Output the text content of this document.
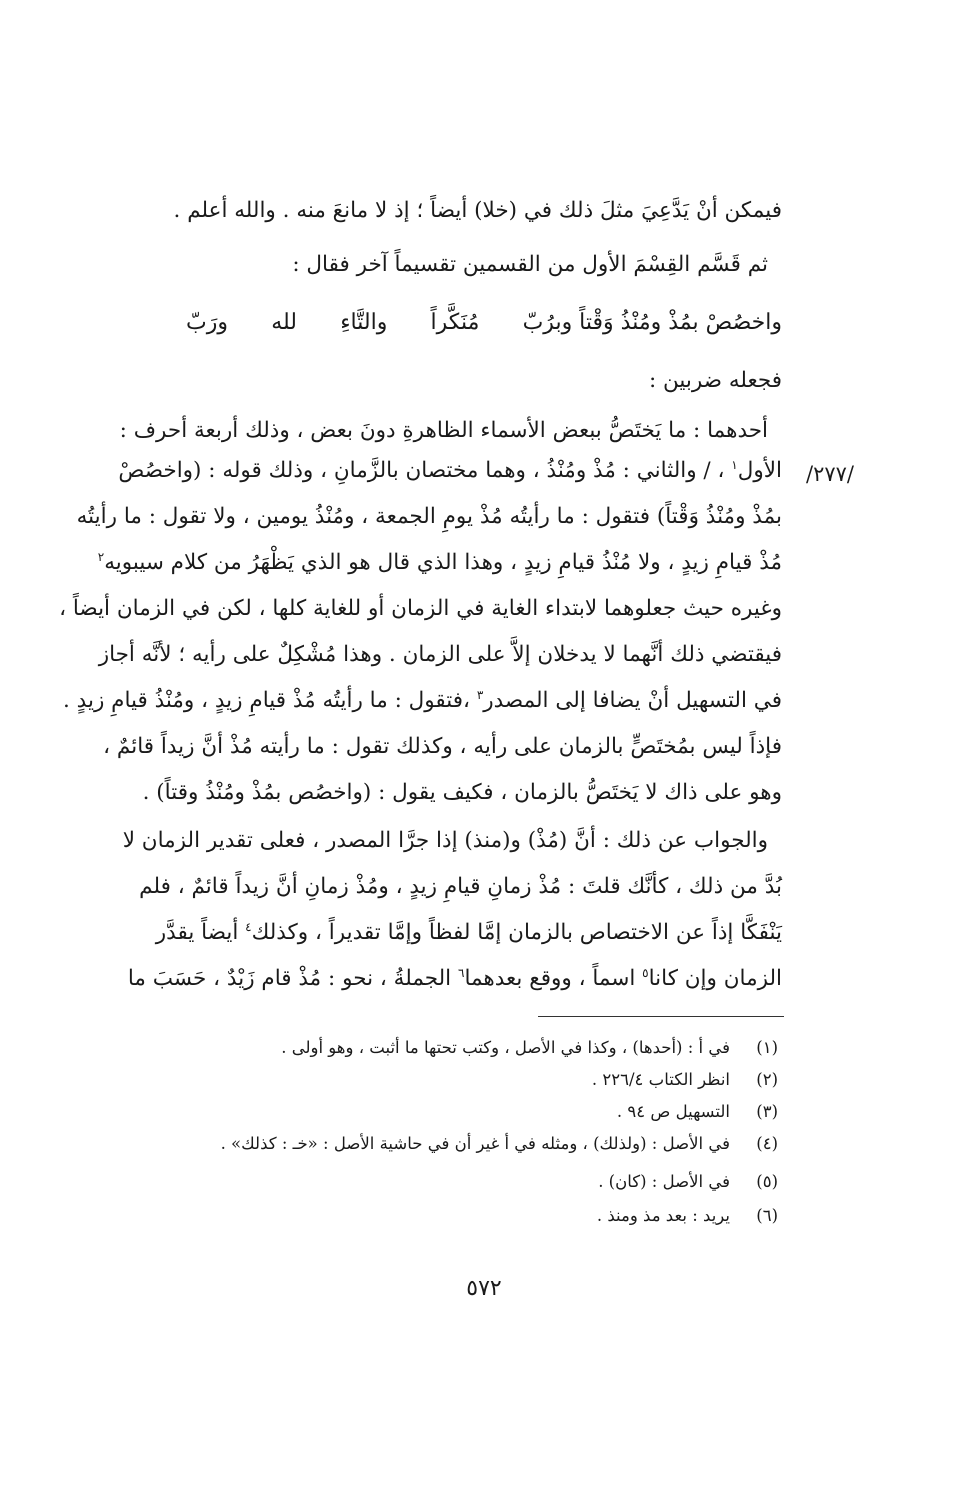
فيمكن أنْ يَدَّعِيَ مثلَ ذلك في (خلا) أيضاً ؛ إذ لا مانعَ منه . والله أعلم .
ثم قَسَّم القِسْمَ الأول من القسمين تقسيماً آخر فقال :
واخصُصْ بمُذْ ومُنْذُ وَقْتاً وبرُبّ
مُنَكَّراً
والتَّاءِ
لله
ورَبّ
فجعله ضربين :
أحدهما : ما يَختَصُّ ببعض الأسماء الظاهرةِ دونَ بعض ، وذلك أربعة أحرف :
الأول$^١$ ، / والثاني : مُذْ ومُنْذُ ، وهما مختصان بالزَّمانِ ، وذلك قوله : (واخصُصْ	/٢٧٧/
بمُذْ ومُنْذُ وَقْتاً) فتقول : ما رأيتُه مُذْ يومِ الجمعة ، ومُنْذُ يومين ، ولا تقول : ما رأيتُه
مُذْ قيامِ زيدٍ ، ولا مُنْذُ قيامِ زيدٍ ، وهذا الذي قال هو الذي يَظْهَرُ من كلام سيبويه$^٢$
وغيره حيث جعلوهما لابتداء الغاية في الزمان أو للغاية كلها ، لكن في الزمان أيضاً ،
فيقتضي ذلك أنَّهما لا يدخلان إلاَّ على الزمان . وهذا مُشْكِلٌ على رأيه ؛ لأنَّه أجاز
في التسهيل أنْ يضافا إلى المصدر$^٣$ ،فتقول : ما رأيتُه مُذْ قيامِ زيدٍ ، ومُنْذُ قيامِ زيدٍ .
فإذاً ليس بمُختَصٍّ بالزمان على رأيه ، وكذلك تقول : ما رأيته مُذْ أنَّ زيداً قائمٌ ،
وهو على ذاك لا يَختَصُّ بالزمان ، فكيف يقول : (واخصُص بمُذْ ومُنْذُ وقتاً) .
والجواب عن ذلك : أنَّ (مُذْ) و(منذ) إذا جرَّا المصدر ، فعلى تقدير الزمان لا
بُدَّ من ذلك ، كأنَّك قلتَ : مُذْ زمانِ قيامِ زيدٍ ، ومُذْ زمانِ أنَّ زيداً قائمٌ ، فلم
يَنْفَكَّا إذاً عن الاختصاص بالزمان إمَّا لفظاً وإمَّا تقديراً ، وكذلك$^٤$ أيضاً يقدَّر
الزمان وإن كانا$^٥$ اسماً ، ووقع بعدهما$^٦$ الجملةُ ، نحو : مُذْ قام زَيْدٌ ، حَسَبَ ما
(١)
في أ : (أحدها) ، وكذا في الأصل ، وكتب تحتها ما أثبت ، وهو أولى .
(٢)
انظر الكتاب ٢٢٦/٤ .
(٣)
التسهيل ص ٩٤ .
(٤)
في الأصل : (ولذلك) ، ومثله في أ غير أن في حاشية الأصل : «خـ : كذلك» .
(٥)
في الأصل : (كان) .
(٦)
يريد : بعد مذ ومنذ .
٥٧٢
